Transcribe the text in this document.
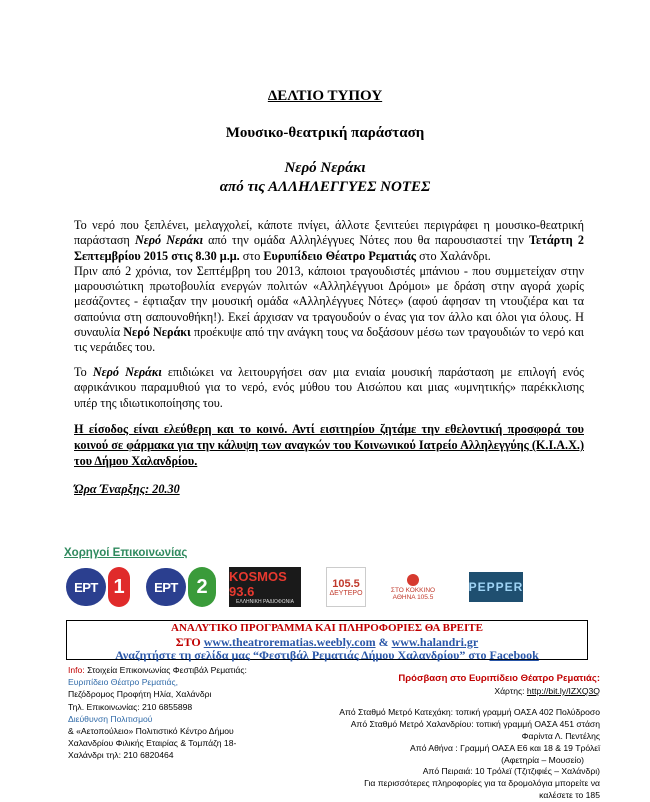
ΔΕΛΤΙΟ ΤΥΠΟΥ
Μουσικο-θεατρική παράσταση
Νερό Νεράκι
από τις ΑΛΛΗΛΕΓΓΥΕΣ ΝΟΤΕΣ
Το νερό που ξεπλένει, μελαγχολεί, κάποτε πνίγει, άλλοτε ξενιτεύει περιγράφει η μουσικο-θεατρική παράσταση Νερό Νεράκι από την ομάδα Αλληλέγγυες Νότες που θα παρουσιαστεί την Τετάρτη 2 Σεπτεμβρίου 2015 στις 8.30 μ.μ. στο Ευρυπίδειο Θέατρο Ρεματιάς στο Χαλάνδρι.
Πριν από 2 χρόνια, τον Σεπτέμβρη του 2013, κάποιοι τραγουδιστές μπάνιου - που συμμετείχαν στην μαρουσιώτικη πρωτοβουλία ενεργών πολιτών «Αλληλέγγυοι Δρόμοι» με δράση στην αγορά χωρίς μεσάζοντες - έφτιαξαν την μουσική ομάδα «Αλληλέγγυες Νότες» (αφού άφησαν τη ντουζιέρα και τα σαπούνια στη σαπουνοθήκη!). Εκεί άρχισαν να τραγουδούν ο ένας για τον άλλο και όλοι για όλους. Η συναυλία Νερό Νεράκι προέκυψε από την ανάγκη τους να δοξάσουν μέσω των τραγουδιών το νερό και τις νεράιδες του.
Το Νερό Νεράκι επιδιώκει να λειτουργήσει σαν μια ενιαία μουσική παράσταση με επιλογή ενός αφρικάνικου παραμυθιού για το νερό, ενός μύθου του Αισώπου και μιας «υμνητικής» παρέκκλισης υπέρ της ιδιωτικοποίησης του.
Η είσοδος είναι ελεύθερη και το κοινό. Αντί εισιτηρίου ζητάμε την εθελοντική προσφορά του κοινού σε φάρμακα για την κάλυψη των αναγκών του Κοινωνικού Ιατρείο Αλληλεγγύης (Κ.Ι.Α.Χ.) του Δήμου Χαλανδρίου.
Ώρα Έναρξης: 20.30
Χορηγοί Επικοινωνίας
ΕΡΤ 1	ΕΡΤ 2	KOSMOS 93.6
ΕΛΛΗΝΙΚΗ ΡΑΔΙΟΦΩΝΙΑ
105.5
ΔΕΥΤΕΡΟ	ΣΤΟ ΚΟΚΚΙΝΟ
ΑΘΗΝΑ 105.5
PEPPER
ΑΝΑΛΥΤΙΚΟ ΠΡΟΓΡΑΜΜΑ ΚΑΙ ΠΛΗΡΟΦΟΡΙΕΣ ΘΑ ΒΡΕΙΤΕ
ΣΤΟ www.theatrorematias.weebly.com & www.halandri.gr
Αναζητήστε τη σελίδα μας “Φεστιβάλ Ρεματιάς Δήμου Χαλανδρίου” στο Facebook
Info: Στοιχεία Επικοινωνίας Φεστιβάλ Ρεματιάς:
Ευριπίδειο Θέατρο Ρεματιάς,
Πεζόδρομος Προφήτη Ηλία, Χαλάνδρι
Τηλ. Επικοινωνίας: 210 6855898
Διεύθυνση Πολιτισμού
& «Αετοπούλειο» Πολιτιστικό Κέντρο Δήμου
Χαλανδρίου Φιλικής Εταιρίας & Τομπάζη 18-
Χαλάνδρι τηλ: 210 6820464
Πρόσβαση στο Ευριπίδειο Θέατρο Ρεματιάς:
Χάρτης: http://bit.ly/IZXQ3Q
Από Σταθμό Μετρό Κατεχάκη: τοπική γραμμή ΟΑΣΑ 402 Πολύδροσο
Από Σταθμό Μετρό Χαλανδρίου: τοπική γραμμή ΟΑΣΑ 451 στάση Φαρίντα Λ. Πεντέλης
Από Αθήνα : Γραμμή ΟΑΣΑ Ε6 και 18 & 19 Τρόλεϊ
(Αφετηρία – Μουσείο)
Από Πειραιά: 10 Τρόλεϊ (Τζιτζιφιές – Χαλάνδρι)
Για περισσότερες πληροφορίες για τα δρομολόγια μπορείτε να καλέσετε το 185
